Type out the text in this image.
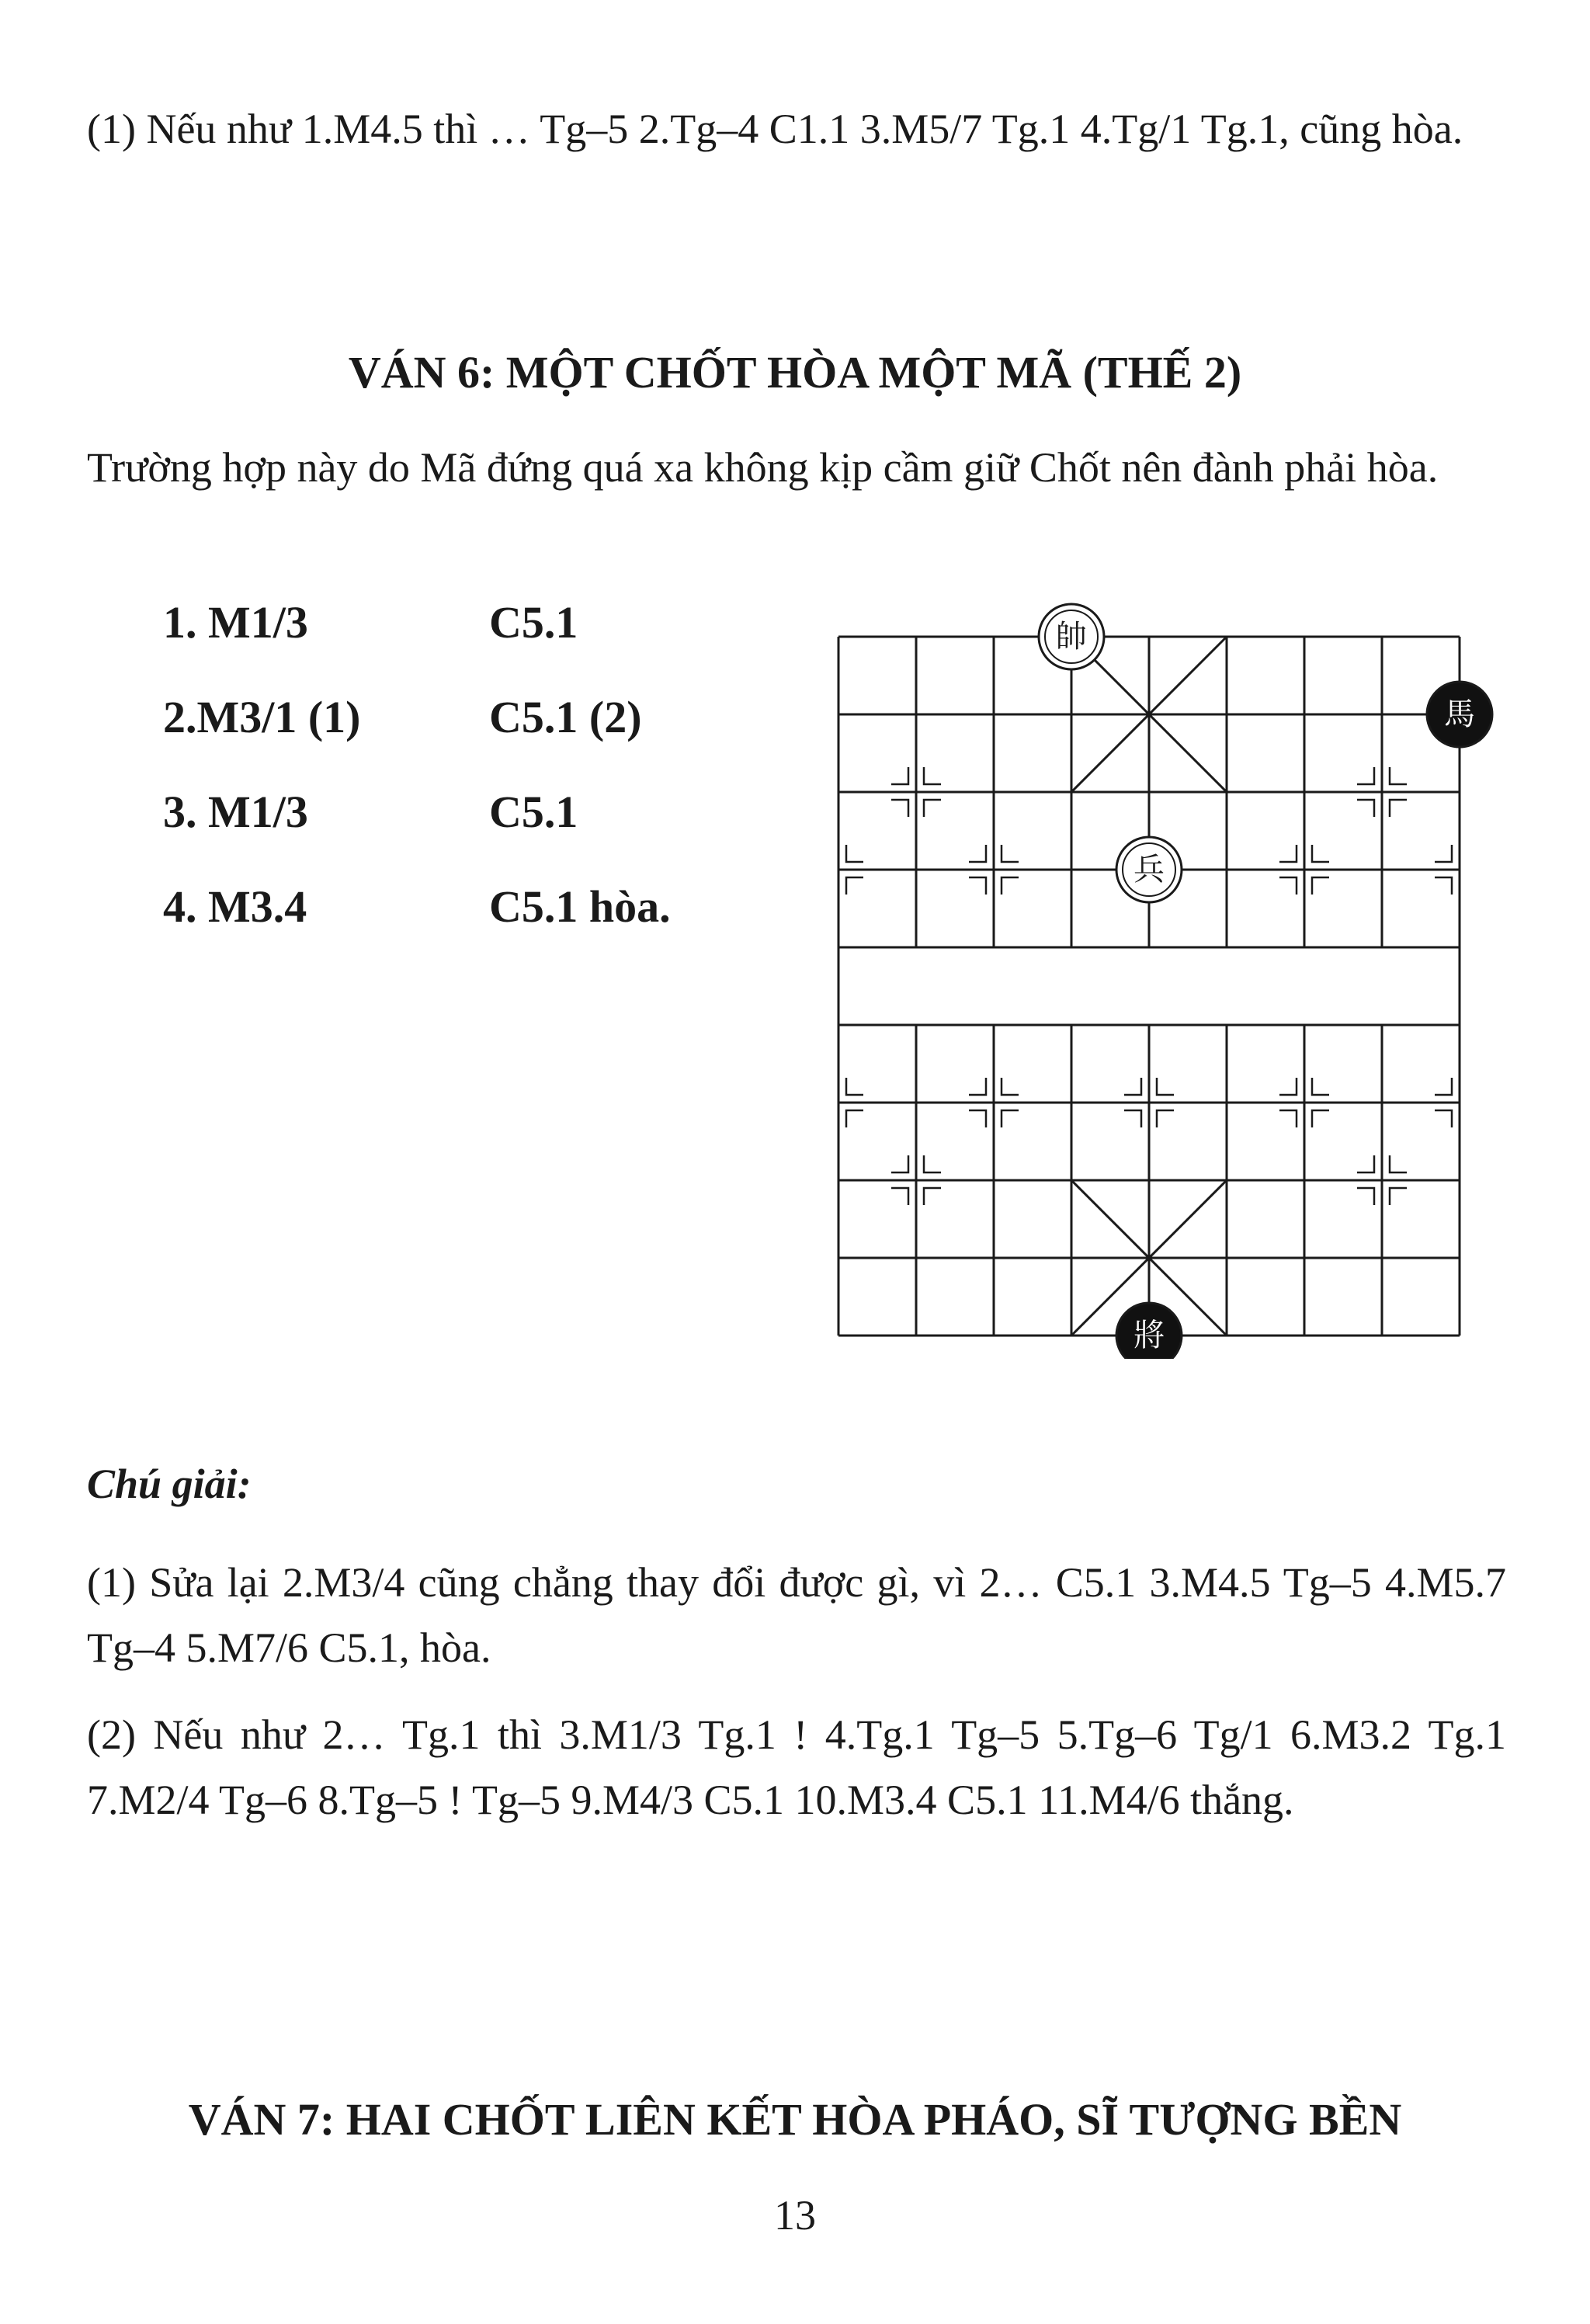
(1) Nếu như 1.M4.5 thì … Tg–5 2.Tg–4 C1.1 3.M5/7 Tg.1 4.Tg/1 Tg.1, cũng hòa.

VÁN 6: MỘT CHỐT HÒA MỘT MÃ (THẾ 2)

Trường hợp này do Mã đứng quá xa không kịp cầm giữ Chốt nên đành phải hòa.

1. M1/3	C5.1
2.M3/1 (1)	C5.1 (2)
3. M1/3	C5.1
4. M3.4	C5.1 hòa.
帥
馬
兵
將

Chú giải:

(1) Sửa lại 2.M3/4 cũng chẳng thay đổi được gì, vì 2… C5.1 3.M4.5 Tg–5 4.M5.7 Tg–4 5.M7/6 C5.1, hòa.

(2) Nếu như 2… Tg.1 thì 3.M1/3 Tg.1 ! 4.Tg.1 Tg–5 5.Tg–6 Tg/1 6.M3.2 Tg.1 7.M2/4 Tg–6 8.Tg–5 ! Tg–5 9.M4/3 C5.1 10.M3.4 C5.1 11.M4/6 thắng.

VÁN 7: HAI CHỐT LIÊN KẾT HÒA PHÁO, SĨ TƯỢNG BỀN
13
